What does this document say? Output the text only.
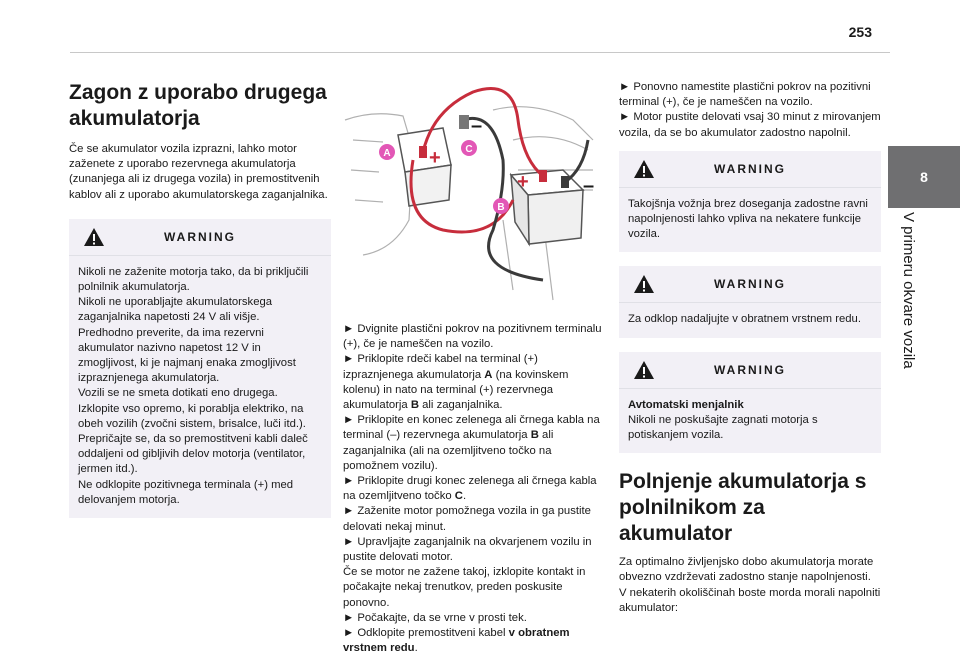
253
8
V primeru okvare vozila
Zagon z uporabo drugega akumulatorja

Če se akumulator vozila izprazni, lahko motor zaženete z uporabo rezervnega akumulatorja (zunanjega ali iz drugega vozila) in premostitvenih kablov ali z uporabo akumulatorskega zaganjalnika.

WARNING
Nikoli ne zaženite motorja tako, da bi priključili polnilnik akumulatorja.
Nikoli ne uporabljajte akumulatorskega zaganjalnika napetosti 24 V ali višje.
Predhodno preverite, da ima rezervni akumulator nazivno napetost 12 V in zmogljivost, ki je najmanj enaka zmogljivost izpraznjenega akumulatorja.
Vozili se ne smeta dotikati eno drugega.
Izklopite vso opremo, ki porablja elektriko, na obeh vozilih (zvočni sistem, brisalce, luči itd.).
Prepričajte se, da so premostitveni kabli daleč oddaljeni od gibljivih delov motorja (ventilator, jermen itd.).
Ne odklopite pozitivnega terminala (+) med delovanjem motorja.
+
–
+	–
A	C
B

► Dvignite plastični pokrov na pozitivnem terminalu (+), če je nameščen na vozilo.

► Priklopite rdeči kabel na terminal (+) izpraznjenega akumulatorja A (na kovinskem kolenu) in nato na terminal (+) rezervnega akumulatorja B ali zaganjalnika.

► Priklopite en konec zelenega ali črnega kabla na terminal (–) rezervnega akumulatorja B ali zaganjalnika (ali na ozemljitveno točko na pomožnem vozilu).

► Priklopite drugi konec zelenega ali črnega kabla na ozemljitveno točko C.

► Zaženite motor pomožnega vozila in ga pustite delovati nekaj minut.

► Upravljajte zaganjalnik na okvarjenem vozilu in pustite delovati motor.
Če se motor ne zažene takoj, izklopite kontakt in počakajte nekaj trenutkov, preden poskusite ponovno.

► Počakajte, da se vrne v prosti tek.

► Odklopite premostitveni kabel v obratnem vrstnem redu.

► Ponovno namestite plastični pokrov na pozitivni terminal (+), če je nameščen na vozilo.
► Motor pustite delovati vsaj 30 minut z mirovanjem vozila, da se bo akumulator zadostno napolnil.

WARNING
Takojšnja vožnja brez doseganja zadostne ravni napolnjenosti lahko vpliva na nekatere funkcije vozila.
WARNING
Za odklop nadaljujte v obratnem vrstnem redu.
WARNING
Avtomatski menjalnik
Nikoli ne poskušajte zagnati motorja s potiskanjem vozila.
Polnjenje akumulatorja s polnilnikom za akumulator

Za optimalno življenjsko dobo akumulatorja morate obvezno vzdrževati zadostno stanje napolnjenosti.
V nekaterih okoliščinah boste morda morali napolniti akumulator:
